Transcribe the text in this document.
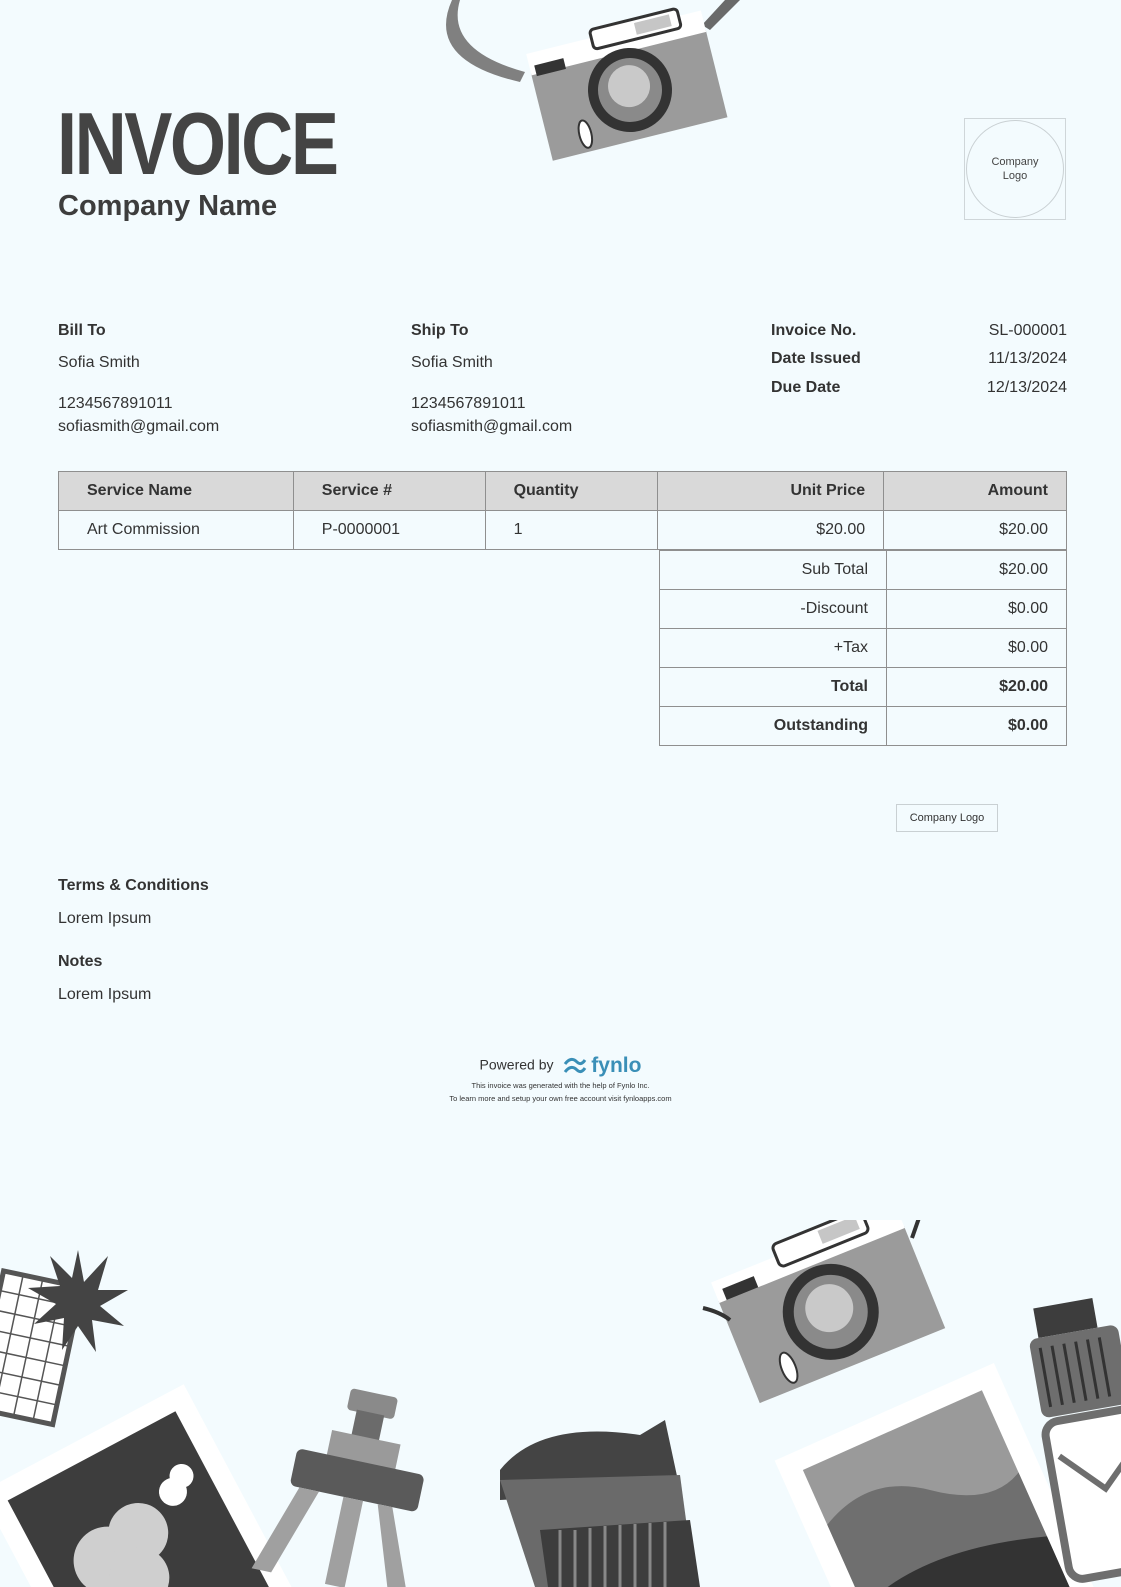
INVOICE
Company Name
Company Logo
Bill To
Sofia Smith
1234567891011
sofiasmith@gmail.com
Ship To
Sofia Smith
1234567891011
sofiasmith@gmail.com
Invoice No.	SL-000001
Date Issued	11/13/2024
Due Date	12/13/2024
Service Name	Service #	Quantity	Unit Price	Amount
Art Commission	P-0000001	1	$20.00	$20.00
Sub Total	$20.00
-Discount	$0.00
+Tax	$0.00
Total	$20.00
Outstanding	$0.00
Company Logo
Terms & Conditions
Lorem Ipsum
Notes
Lorem Ipsum
Powered by fynlo
This invoice was generated with the help of Fynlo Inc.
To learn more and setup your own free account visit fynloapps.com
